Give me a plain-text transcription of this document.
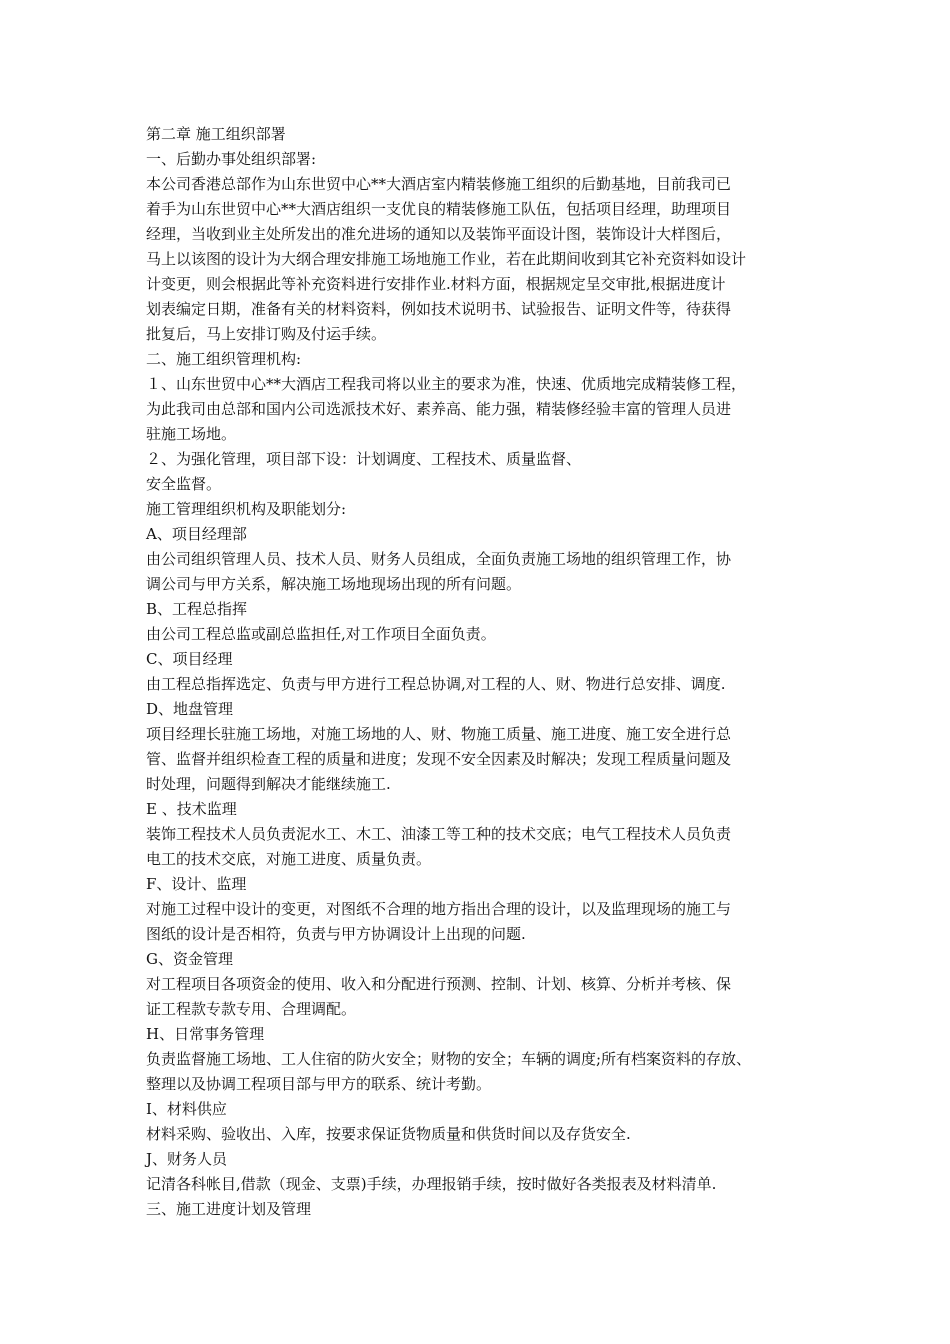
第二章 施工组织部署
一、后勤办事处组织部署:
本公司香港总部作为山东世贸中心**大酒店室内精装修施工组织的后勤基地，目前我司已
着手为山东世贸中心**大酒店组织一支优良的精装修施工队伍，包括项目经理，助理项目
经理，当收到业主处所发出的准允进场的通知以及装饰平面设计图，装饰设计大样图后，
马上以该图的设计为大纲合理安排施工场地施工作业，若在此期间收到其它补充资料如设计
计变更，则会根据此等补充资料进行安排作业.材料方面，根据规定呈交审批,根据进度计
划表编定日期，准备有关的材料资料，例如技术说明书、试验报告、证明文件等，待获得
批复后，马上安排订购及付运手续。
二、施工组织管理机构:
１、山东世贸中心**大酒店工程我司将以业主的要求为准，快速、优质地完成精装修工程，
为此我司由总部和国内公司选派技术好、素养高、能力强，精装修经验丰富的管理人员进
驻施工场地。
２、为强化管理，项目部下设：计划调度、工程技术、质量监督、
安全监督。
施工管理组织机构及职能划分:
A、项目经理部
由公司组织管理人员、技术人员、财务人员组成，全面负责施工场地的组织管理工作，协
调公司与甲方关系，解决施工场地现场出现的所有问题。
B、工程总指挥
由公司工程总监或副总监担任,对工作项目全面负责。
C、项目经理
由工程总指挥选定、负责与甲方进行工程总协调,对工程的人、财、物进行总安排、调度.
D、地盘管理
项目经理长驻施工场地，对施工场地的人、财、物施工质量、施工进度、施工安全进行总
管、监督并组织检查工程的质量和进度；发现不安全因素及时解决；发现工程质量问题及
时处理，问题得到解决才能继续施工.
E 、技术监理
装饰工程技术人员负责泥水工、木工、油漆工等工种的技术交底；电气工程技术人员负责
电工的技术交底，对施工进度、质量负责。
F、设计、监理
对施工过程中设计的变更，对图纸不合理的地方指出合理的设计，以及监理现场的施工与
图纸的设计是否相符，负责与甲方协调设计上出现的问题.
G、资金管理
对工程项目各项资金的使用、收入和分配进行预测、控制、计划、核算、分析并考核、保
证工程款专款专用、合理调配。
H、日常事务管理
负责监督施工场地、工人住宿的防火安全；财物的安全；车辆的调度;所有档案资料的存放、
整理以及协调工程项目部与甲方的联系、统计考勤。
I、材料供应
材料采购、验收出、入库，按要求保证货物质量和供货时间以及存货安全.
J、财务人员
记清各科帐目,借款（现金、支票)手续，办理报销手续，按时做好各类报表及材料清单.
三、施工进度计划及管理
